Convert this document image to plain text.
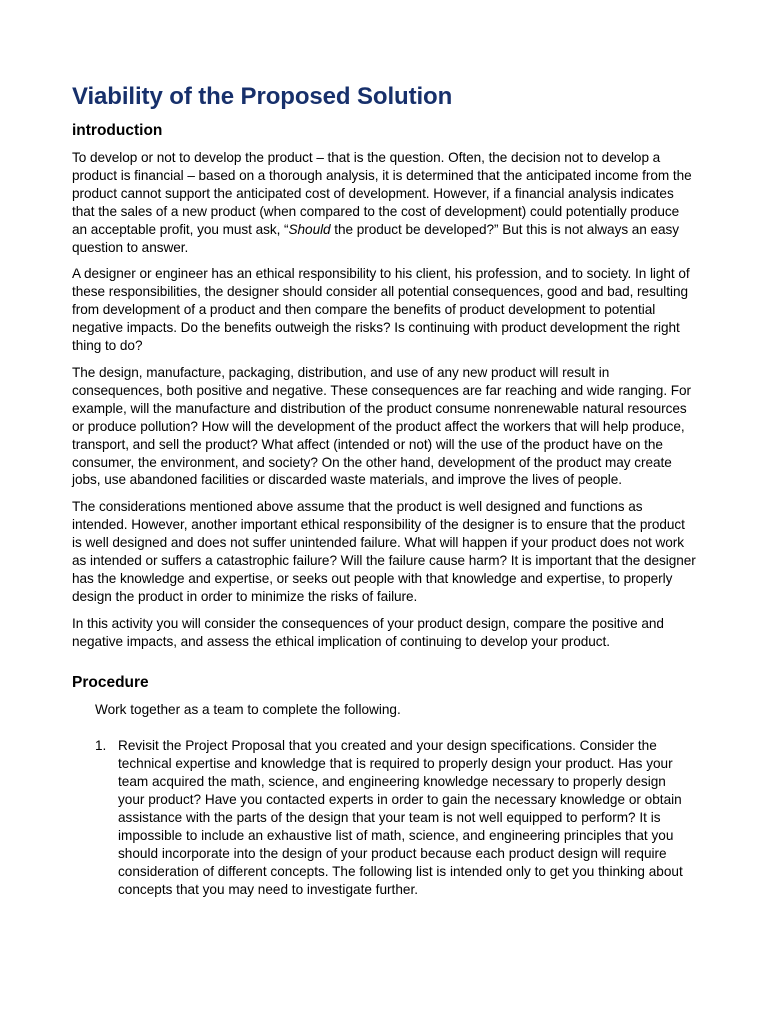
Viability of the Proposed Solution
introduction

To develop or not to develop the product – that is the question. Often, the decision not to develop a product is financial – based on a thorough analysis, it is determined that the anticipated income from the product cannot support the anticipated cost of development. However, if a financial analysis indicates that the sales of a new product (when compared to the cost of development) could potentially produce an acceptable profit, you must ask, “Should the product be developed?” But this is not always an easy question to answer.

A designer or engineer has an ethical responsibility to his client, his profession, and to society. In light of these responsibilities, the designer should consider all potential consequences, good and bad, resulting from development of a product and then compare the benefits of product development to potential negative impacts. Do the benefits outweigh the risks? Is continuing with product development the right thing to do?

The design, manufacture, packaging, distribution, and use of any new product will result in consequences, both positive and negative. These consequences are far reaching and wide ranging. For example, will the manufacture and distribution of the product consume nonrenewable natural resources or produce pollution? How will the development of the product affect the workers that will help produce, transport, and sell the product? What affect (intended or not) will the use of the product have on the consumer, the environment, and society? On the other hand, development of the product may create jobs, use abandoned facilities or discarded waste materials, and improve the lives of people.

The considerations mentioned above assume that the product is well designed and functions as intended. However, another important ethical responsibility of the designer is to ensure that the product is well designed and does not suffer unintended failure. What will happen if your product does not work as intended or suffers a catastrophic failure? Will the failure cause harm? It is important that the designer has the knowledge and expertise, or seeks out people with that knowledge and expertise, to properly design the product in order to minimize the risks of failure.

In this activity you will consider the consequences of your product design, compare the positive and negative impacts, and assess the ethical implication of continuing to develop your product.

Procedure

Work together as a team to complete the following.

1. Revisit the Project Proposal that you created and your design specifications. Consider the technical expertise and knowledge that is required to properly design your product. Has your team acquired the math, science, and engineering knowledge necessary to properly design your product? Have you contacted experts in order to gain the necessary knowledge or obtain assistance with the parts of the design that your team is not well equipped to perform? It is impossible to include an exhaustive list of math, science, and engineering principles that you should incorporate into the design of your product because each product design will require consideration of different concepts. The following list is intended only to get you thinking about concepts that you may need to investigate further.
